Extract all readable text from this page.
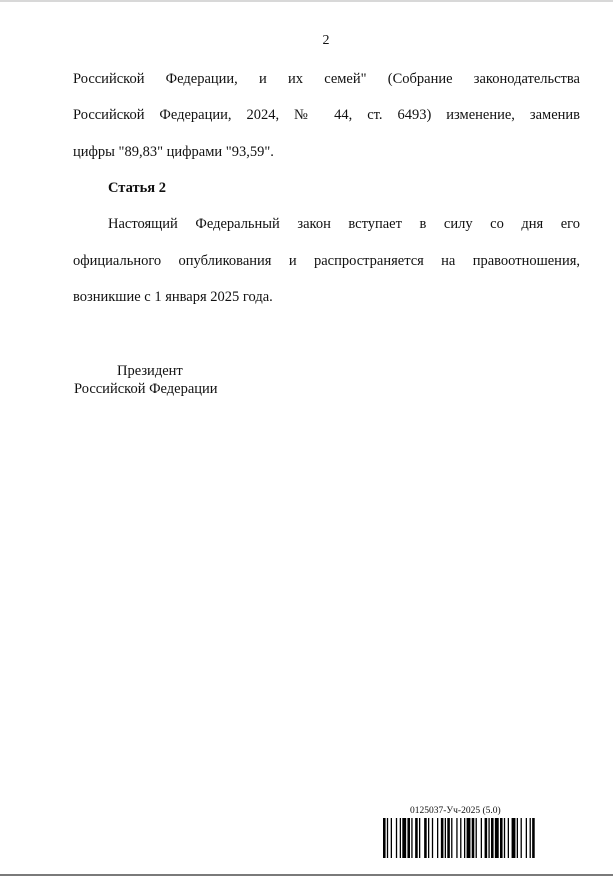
2
Российской Федерации, и их семей" (Собрание законодательства
Российской Федерации, 2024, № 44, ст. 6493) изменение, заменив
цифры "89,83" цифрами "93,59".
Статья 2
Настоящий Федеральный закон вступает в силу со дня его
официального опубликования и распространяется на правоотношения,
возникшие с 1 января 2025 года.
Президент
Российской Федерации
0125037-Уч-2025 (5.0)
